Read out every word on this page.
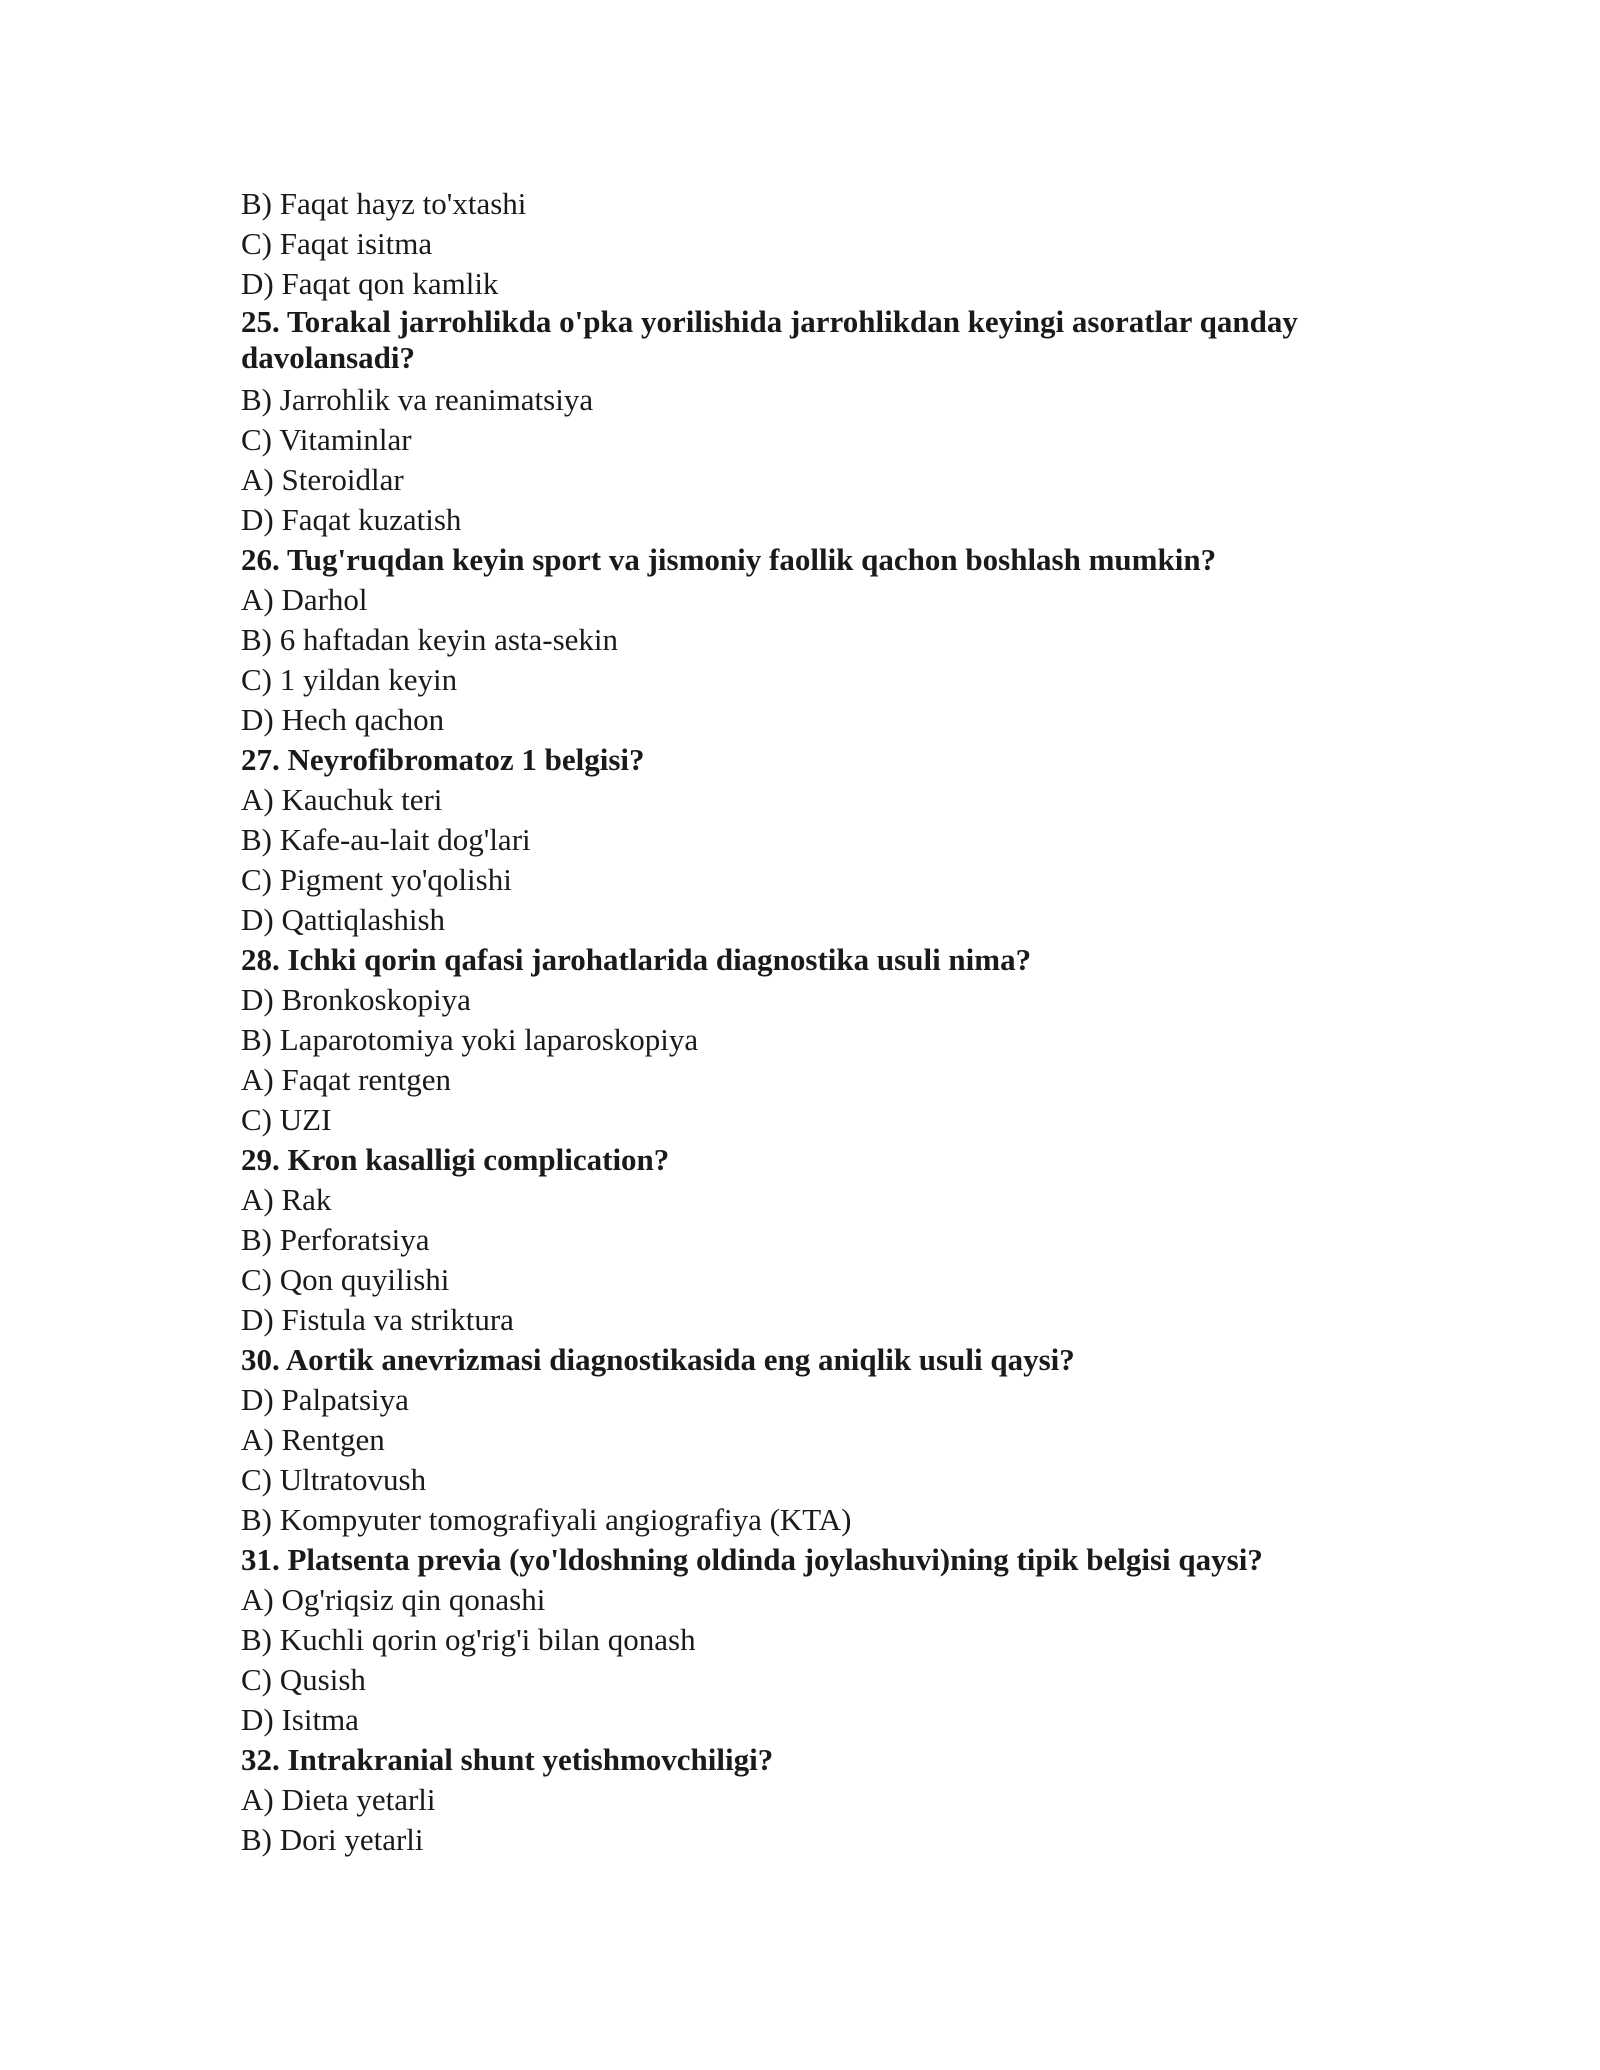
B) Faqat hayz to'xtashi

C) Faqat isitma

D) Faqat qon kamlik

25. Torakal jarrohlikda o'pka yorilishida jarrohlikdan keyingi asoratlar qanday davolansadi?

B) Jarrohlik va reanimatsiya

C) Vitaminlar

A) Steroidlar

D) Faqat kuzatish

26. Tug'ruqdan keyin sport va jismoniy faollik qachon boshlash mumkin?

A) Darhol

B) 6 haftadan keyin asta-sekin

C) 1 yildan keyin

D) Hech qachon

27. Neyrofibromatoz 1 belgisi?

A) Kauchuk teri

B) Kafe-au-lait dog'lari

C) Pigment yo'qolishi

D) Qattiqlashish

28. Ichki qorin qafasi jarohatlarida diagnostika usuli nima?

D) Bronkoskopiya

B) Laparotomiya yoki laparoskopiya

A) Faqat rentgen

C) UZI

29. Kron kasalligi complication?

A) Rak

B) Perforatsiya

C) Qon quyilishi

D) Fistula va striktura

30. Aortik anevrizmasi diagnostikasida eng aniqlik usuli qaysi?

D) Palpatsiya

A) Rentgen

C) Ultratovush

B) Kompyuter tomografiyali angiografiya (KTA)

31. Platsenta previa (yo'ldoshning oldinda joylashuvi)ning tipik belgisi qaysi?

A) Og'riqsiz qin qonashi

B) Kuchli qorin og'rig'i bilan qonash

C) Qusish

D) Isitma

32. Intrakranial shunt yetishmovchiligi?

A) Dieta yetarli

B) Dori yetarli
